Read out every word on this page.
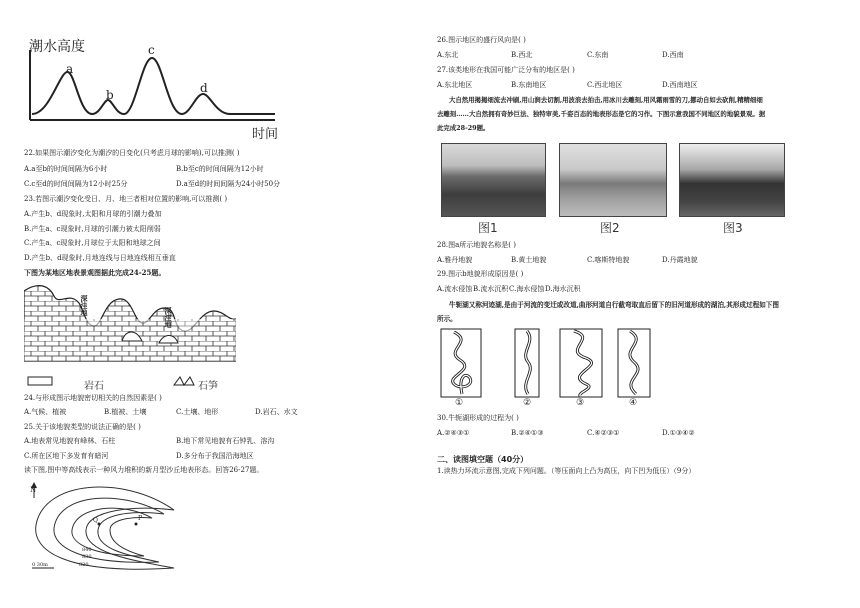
潮水高度
时间
a
b
c
d
22.如果图示潮汐变化为潮汐的日变化(只考虑月球的影响),可以推测( )
A.a至b的时间间隔为6小时	B.b至c的时间间隔为12小时
C.c至d的时间间隔为12小时25分	D.a至d的时间间隔为24小时50分
23.若图示潮汐变化受日、月、地三者相对位置的影响,可以推测( )
A.产生b、d现象时,太阳和月球的引潮力叠加
B.产生a、c现象时,月球的引潮力被太阳削弱
C.产生a、c现象时,月球位于太阳和地球之间
D.产生b、d现象时,月地连线与日地连线相互垂直
下图为某地区地表景观图据此完成24-25题。
深洼地
深洼地
岩石	石笋
24.与形成图示地貌密切相关的自然因素是( )
A.气候、植被	B.植被、土壤	C.土壤、地形	D.岩石、水文
25.关于该地貌类型的说法正确的是( )
A.地表常见地貌有峰林、石柱	B.地下常见地貌有石钟乳、溶沟
C.所在区地下多发育有暗河	D.多分布于我国沿海地区
读下图,图中等高线表示一种风力堆积的新月型沙丘地表形态。回答26-27题。
N
Q	P
840
830
820
0 30m
26.图示地区的盛行风向是( )
A.东北	B.西北	C.东南	D.西南
27.该类地形在我国可能广泛分布的地区是( )
A.东北地区	B.东南地区	C.西北地区	D.西南地区
大自然用揭揭细流去冲刷,用山涧去切割,用波浪去拍击,用冰川去雕刻,用风霜雨雪的刀,挪动自如去砍削,精精细细
去雕刻……大自然拥有奇妙巨法、独特审美,千姿百态的地表形态是它的习作。下图示意我国不同地区的地貌景观。据
此完成28-29题。
图1	图2	图3
28.图a所示地貌名称是( )
A.雅丹地貌	B.黄土地貌	C.喀斯特地貌	D.丹霞地貌
29.图示b地貌形成原因是( )
A.流水侵蚀 B.流水沉积 C.海水侵蚀 D.海水沉积
牛轭湖又称河迹湖,是由于河流的变迁或改道,曲形河道自行截弯取直后留下的旧河道形成的湖泊,其形成过程如下图
所示。
①	②	③	④
30.牛轭湖形成的过程为( )
A.②④③①	B.②④①③	C.④②③①	D.①③④②
二、读图填空题（40分）
1.读热力环流示意图,完成下列问题。（等压面向上凸为高压，向下凹为低压）（9分）
